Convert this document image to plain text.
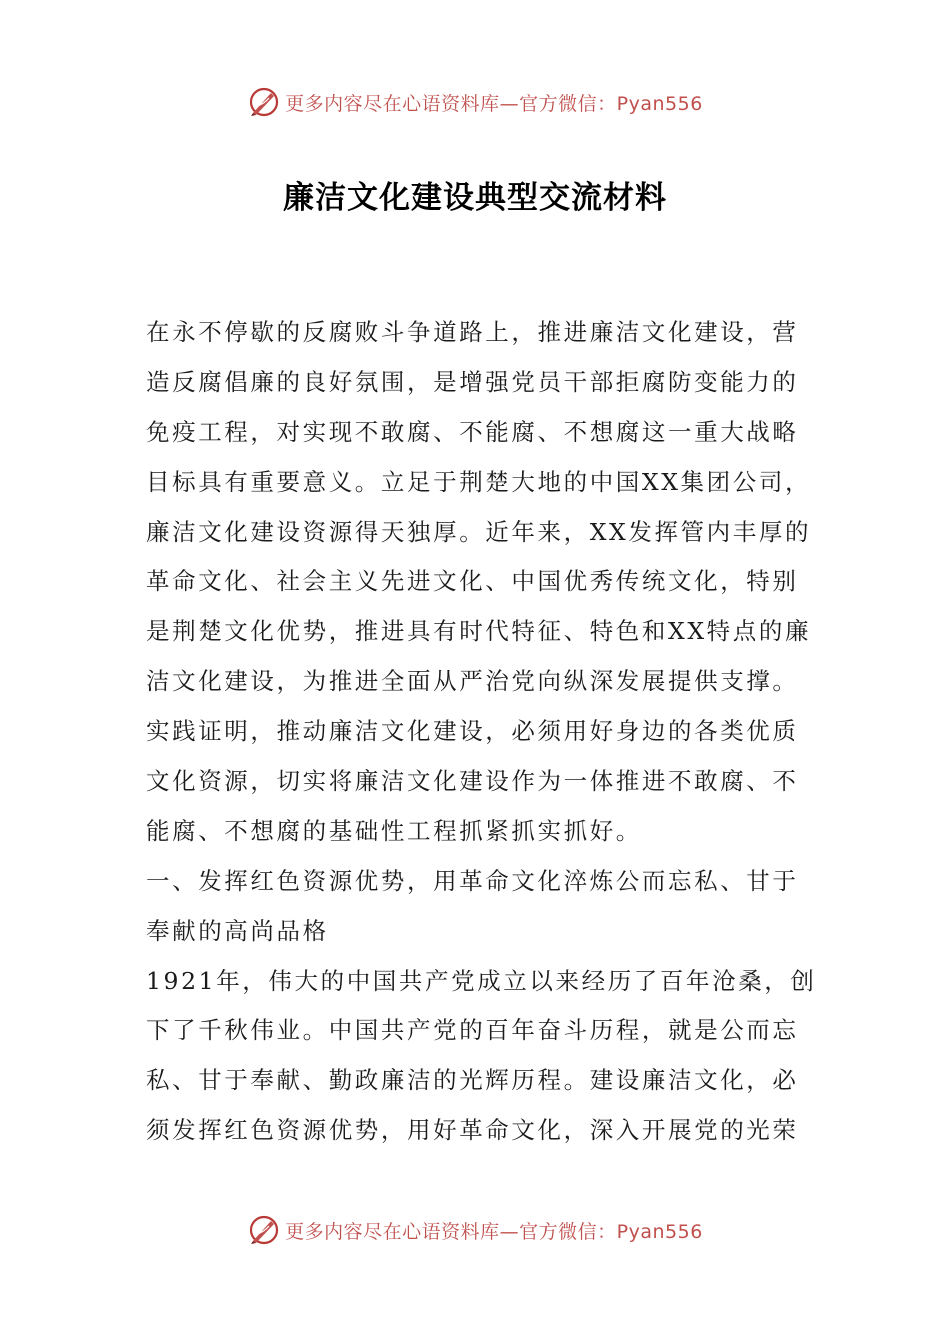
更多内容尽在心语资料库—官方微信：Pyan556
廉洁文化建设典型交流材料
在永不停歇的反腐败斗争道路上，推进廉洁文化建设，营
造反腐倡廉的良好氛围，是增强党员干部拒腐防变能力的
免疫工程，对实现不敢腐、不能腐、不想腐这一重大战略
目标具有重要意义。立足于荆楚大地的中国XX集团公司，
廉洁文化建设资源得天独厚。近年来，XX发挥管内丰厚的
革命文化、社会主义先进文化、中国优秀传统文化，特别
是荆楚文化优势，推进具有时代特征、特色和XX特点的廉
洁文化建设，为推进全面从严治党向纵深发展提供支撑。
实践证明，推动廉洁文化建设，必须用好身边的各类优质
文化资源，切实将廉洁文化建设作为一体推进不敢腐、不
能腐、不想腐的基础性工程抓紧抓实抓好。
一、发挥红色资源优势，用革命文化淬炼公而忘私、甘于
奉献的高尚品格
1921年，伟大的中国共产党成立以来经历了百年沧桑，创
下了千秋伟业。中国共产党的百年奋斗历程，就是公而忘
私、甘于奉献、勤政廉洁的光辉历程。建设廉洁文化，必
须发挥红色资源优势，用好革命文化，深入开展党的光荣
更多内容尽在心语资料库—官方微信：Pyan556
